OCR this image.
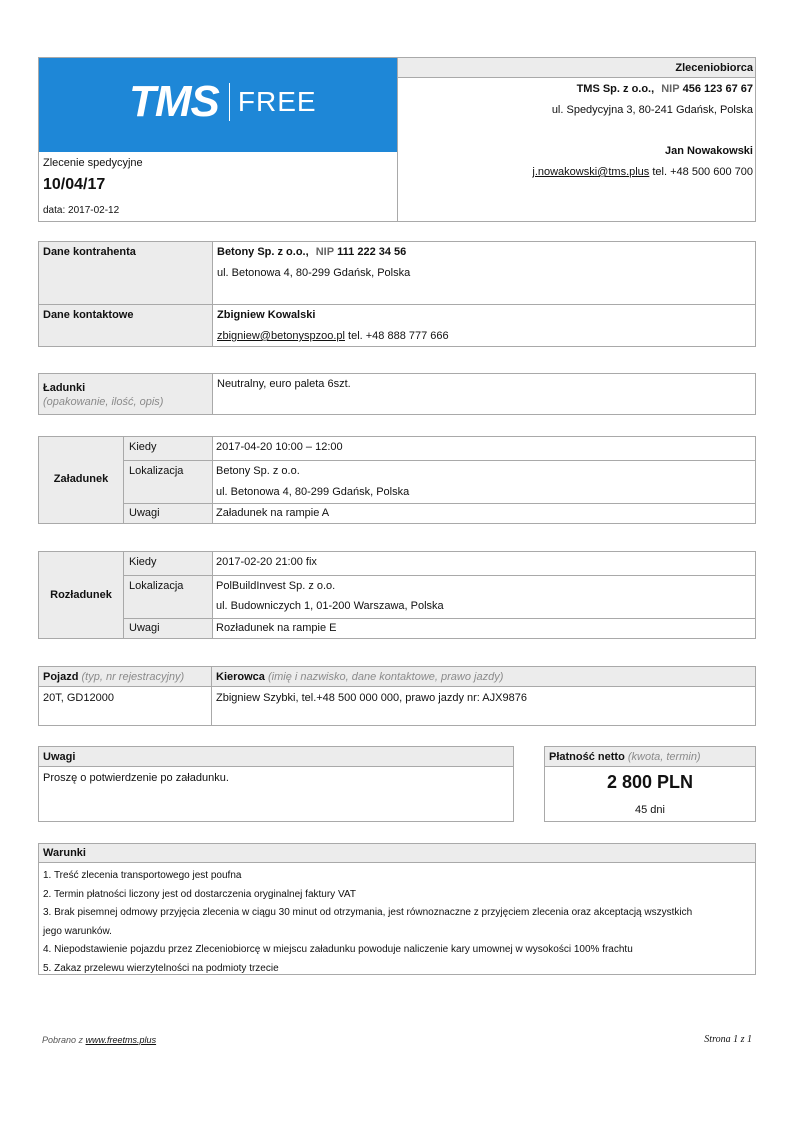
TMS FREE
Zlecenie spedycyjne
10/04/17
data: 2017-02-12
Zleceniobiorca
TMS Sp. z o.o., NIP 456 123 67 67
ul. Spedycyjna 3, 80-241 Gdańsk, Polska
Jan Nowakowski
j.nowakowski@tms.plus tel. +48 500 600 700
Dane kontrahenta	Betony Sp. z o.o., NIP 111 222 34 56
ul. Betonowa 4, 80-299 Gdańsk, Polska
Dane kontaktowe	Zbigniew Kowalski
zbigniew@betonyspzoo.pl tel. +48 888 777 666
Ładunki
(opakowanie, ilość, opis)
Neutralny, euro paleta 6szt.
Załadunek
Kiedy	2017-04-20 10:00 – 12:00
Lokalizacja	Betony Sp. z o.o.
ul. Betonowa 4, 80-299 Gdańsk, Polska
Uwagi	Załadunek na rampie A
Rozładunek
Kiedy	2017-02-20 21:00 fix
Lokalizacja	PolBuildInvest Sp. z o.o.
ul. Budowniczych 1, 01-200 Warszawa, Polska
Uwagi	Rozładunek na rampie E
Pojazd (typ, nr rejestracyjny)	Kierowca (imię i nazwisko, dane kontaktowe, prawo jazdy)
20T, GD12000	Zbigniew Szybki, tel.+48 500 000 000, prawo jazdy nr: AJX9876
Uwagi
Proszę o potwierdzenie po załadunku.
Płatność netto (kwota, termin)
2 800 PLN
45 dni
Warunki
1. Treść zlecenia transportowego jest poufna
2. Termin płatności liczony jest od dostarczenia oryginalnej faktury VAT
3. Brak pisemnej odmowy przyjęcia zlecenia w ciągu 30 minut od otrzymania, jest równoznaczne z przyjęciem zlecenia oraz akceptacją wszystkich
jego warunków.
4. Niepodstawienie pojazdu przez Zleceniobiorcę w miejscu załadunku powoduje naliczenie kary umownej w wysokości 100% frachtu
5. Zakaz przelewu wierzytelności na podmioty trzecie
Pobrano z www.freetms.plus	Strona 1 z 1
